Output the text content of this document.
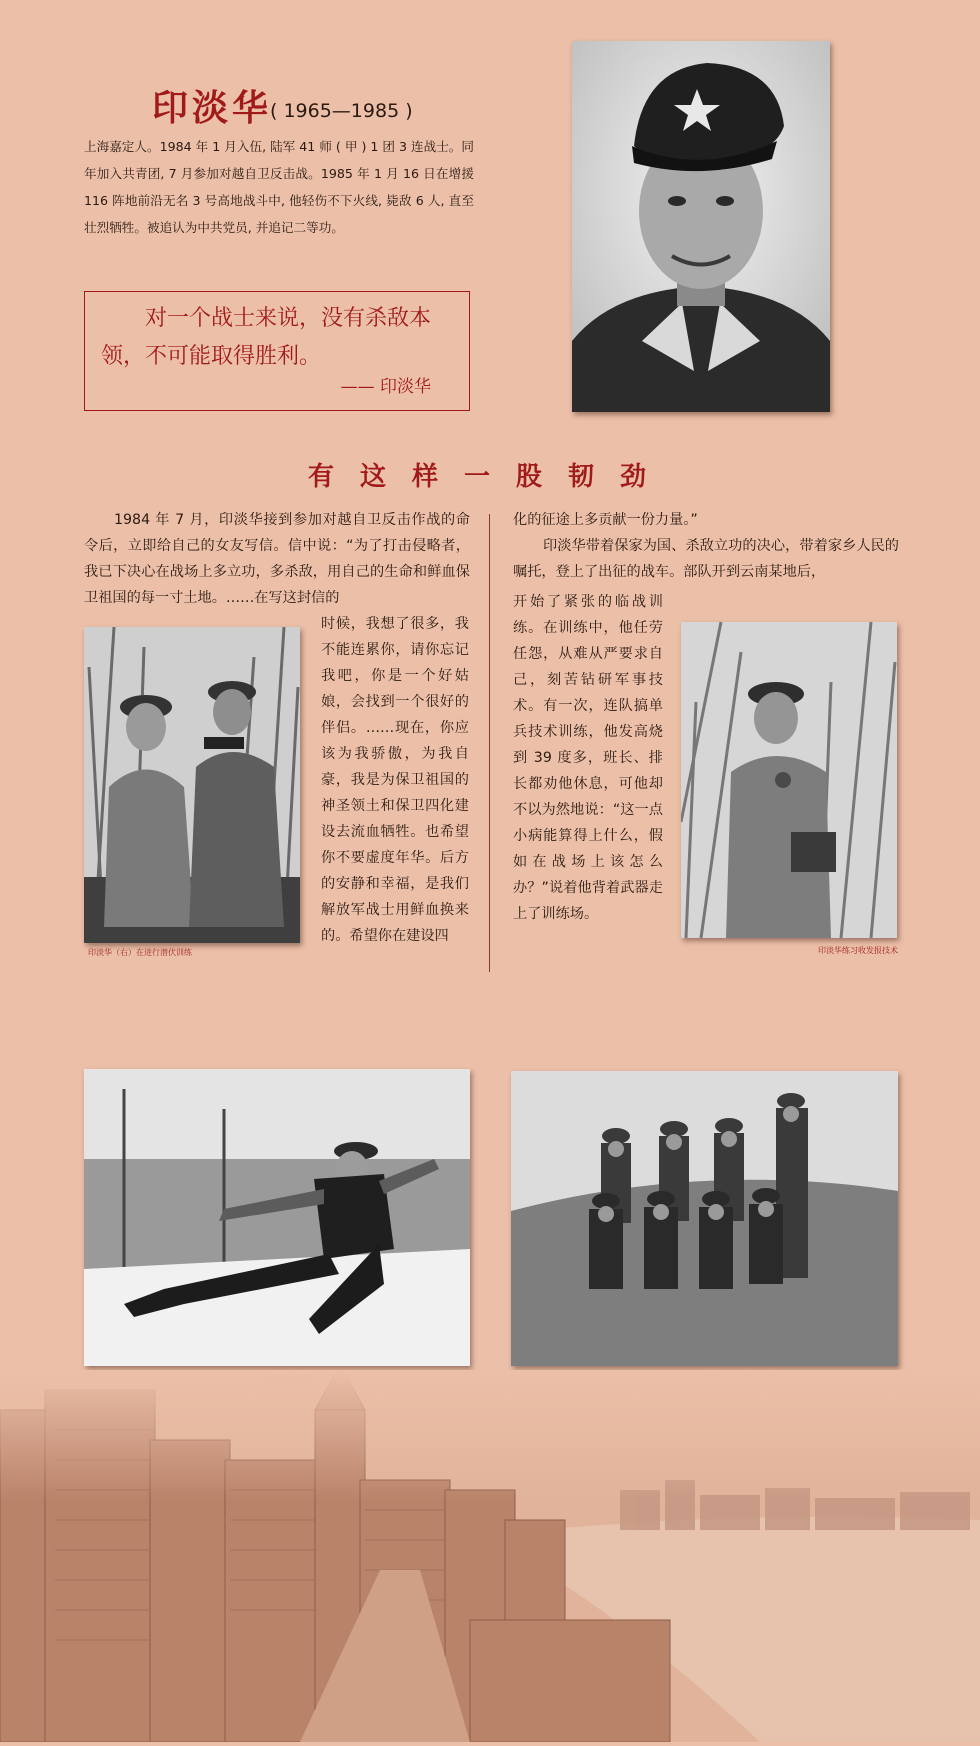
印淡华
( 1965—1985 )
上海嘉定人。1984 年 1 月入伍, 陆军 41 师 ( 甲 ) 1 团 3 连战士。同年加入共青团, 7 月参加对越自卫反击战。1985 年 1 月 16 日在增援 116 阵地前沿无名 3 号高地战斗中, 他轻伤不下火线, 毙敌 6 人, 直至壮烈牺牲。被追认为中共党员, 并追记二等功。
对一个战士来说，没有杀敌本领，不可能取得胜利。
—— 印淡华
有这样一股韧劲
1984 年 7 月，印淡华接到参加对越自卫反击作战的命令后，立即给自己的女友写信。信中说：“为了打击侵略者，我已下决心在战场上多立功，多杀敌，用自己的生命和鲜血保卫祖国的每一寸土地。……在写这封信的
印淡华（右）在进行潜伏训练
时候，我想了很多，我不能连累你，请你忘记我吧，你是一个好姑娘，会找到一个很好的伴侣。……现在，你应该为我骄傲，为我自豪，我是为保卫祖国的神圣领土和保卫四化建设去流血牺牲。也希望你不要虚度年华。后方的安静和幸福，是我们解放军战士用鲜血换来的。希望你在建设四
化的征途上多贡献一份力量。”
印淡华带着保家为国、杀敌立功的决心，带着家乡人民的嘱托，登上了出征的战车。部队开到云南某地后，
开始了紧张的临战训练。在训练中，他任劳任怨，从难从严要求自己，刻苦钻研军事技术。有一次，连队搞单兵技术训练，他发高烧到 39 度多，班长、排长都劝他休息，可他却不以为然地说：“这一点小病能算得上什么，假如在战场上该怎么办？”说着他背着武器走上了训练场。
印淡华练习收发报技术
